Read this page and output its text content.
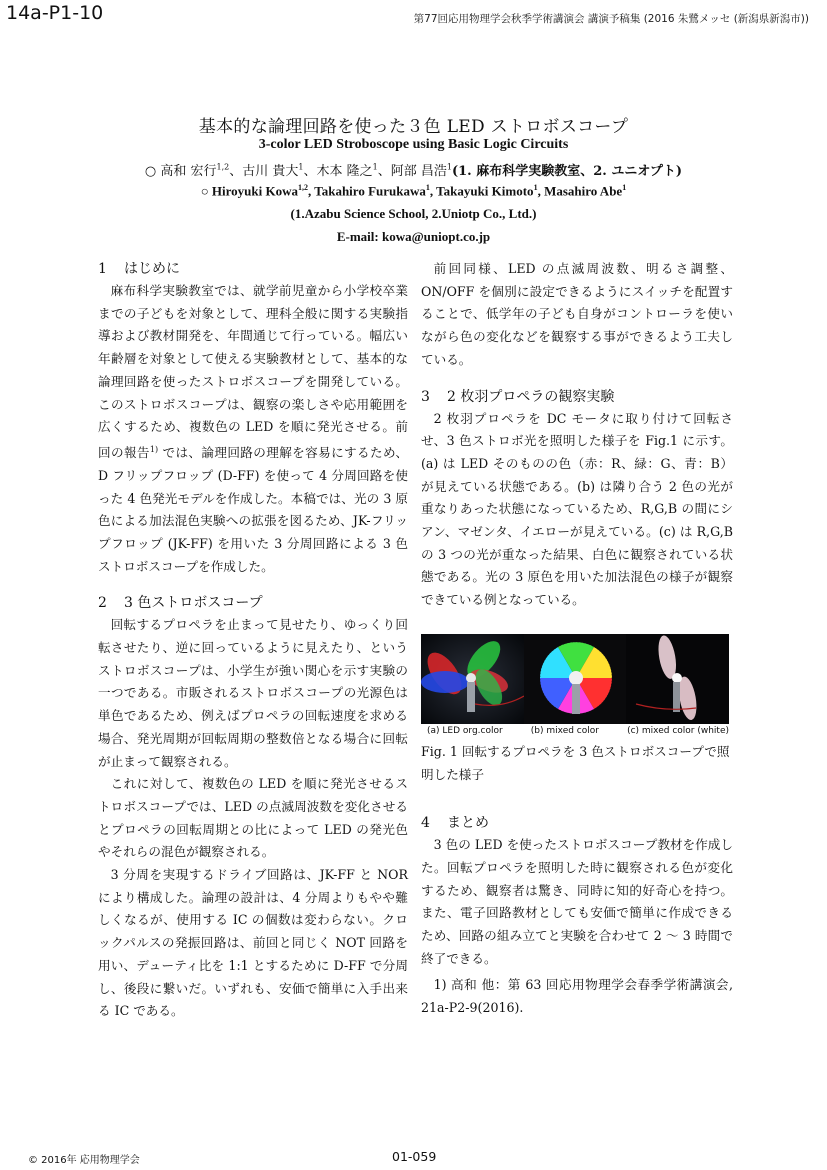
14a-P1-10	第77回応用物理学会秋季学術講演会 講演予稿集 (2016 朱鷺メッセ (新潟県新潟市))
基本的な論理回路を使った３色 LED ストロボスコープ
3-color LED Stroboscope using Basic Logic Circuits
○ 高和 宏行$^{1,2}$、古川 貴大$^1$、木本 隆之$^1$、阿部 昌浩$^1$(1. 麻布科学実験教室、2. ユニオプト)
○ Hiroyuki Kowa$^{1,2}$, Takahiro Furukawa$^1$, Takayuki Kimoto$^1$, Masahiro Abe$^1$
(1.Azabu Science School, 2.Uniotp Co., Ltd.)
E-mail: kowa@uniopt.co.jp
1 はじめに

麻布科学実験教室では、就学前児童から小学校卒業までの子どもを対象として、理科全般に関する実験指導および教材開発を、年間通じて行っている。幅広い年齢層を対象として使える実験教材として、基本的な論理回路を使ったストロボスコープを開発している。このストロボスコープは、観察の楽しさや応用範囲を広くするため、複数色の LED を順に発光させる。前回の報告$^{1)}$ では、論理回路の理解を容易にするため、D フリップフロップ (D-FF) を使って 4 分周回路を使った 4 色発光モデルを作成した。本稿では、光の 3 原色による加法混色実験への拡張を図るため、JK-フリップフロップ (JK-FF) を用いた 3 分周回路による 3 色ストロボスコープを作成した。

2 3 色ストロボスコープ

回転するプロペラを止まって見せたり、ゆっくり回転させたり、逆に回っているように見えたり、というストロボスコープは、小学生が強い関心を示す実験の一つである。市販されるストロボスコープの光源色は単色であるため、例えばプロペラの回転速度を求める場合、発光周期が回転周期の整数倍となる場合に回転が止まって観察される。

これに対して、複数色の LED を順に発光させるストロボスコープでは、LED の点滅周波数を変化させるとプロペラの回転周期との比によって LED の発光色やそれらの混色が観察される。

3 分周を実現するドライブ回路は、JK-FF と NOR により構成した。論理の設計は、4 分周よりもやや難しくなるが、使用する IC の個数は変わらない。クロックパルスの発振回路は、前回と同じく NOT 回路を用い、デューティ比を 1:1 とするために D-FF で分周し、後段に繋いだ。いずれも、安価で簡単に入手出来る IC である。

前回同様、LED の点滅周波数、明るさ調整、ON/OFF を個別に設定できるようにスイッチを配置することで、低学年の子ども自身がコントローラを使いながら色の変化などを観察する事ができるよう工夫している。

3 2 枚羽プロペラの観察実験

2 枚羽プロペラを DC モータに取り付けて回転させ、3 色ストロボ光を照明した様子を Fig.1 に示す。(a) は LED そのものの色（赤：R、緑：G、青：B）が見えている状態である。(b) は隣り合う 2 色の光が重なりあった状態になっているため、R,G,B の間にシアン、マゼンタ、イエローが見えている。(c) は R,G,B の 3 つの光が重なった結果、白色に観察されている状態である。光の 3 原色を用いた加法混色の様子が観察できている例となっている。

(a) LED org.color	(b) mixed color	(c) mixed color (white)
Fig. 1 回転するプロペラを 3 色ストロボスコープで照明した様子
4 まとめ

3 色の LED を使ったストロボスコープ教材を作成した。回転プロペラを照明した時に観察される色が変化するため、観察者は驚き、同時に知的好奇心を持つ。また、電子回路教材としても安価で簡単に作成できるため、回路の組み立てと実験を合わせて 2 ～ 3 時間で終了できる。

1) 高和 他：第 63 回応用物理学会春季学術講演会, 21a-P2-9(2016).

© 2016年 応用物理学会	01-059
